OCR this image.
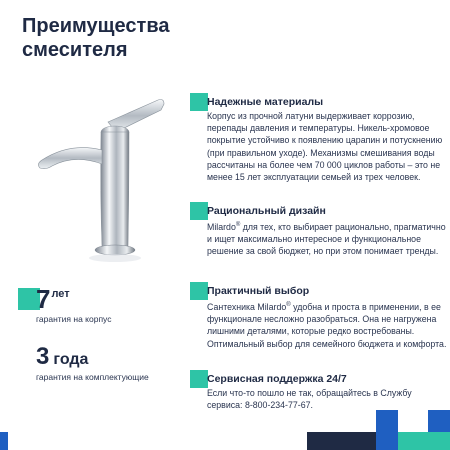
Преимущества
смесителя
$7^{лет}$
гарантия на корпус
3 года
гарантия на комплектующие
Надежные материалы
Корпус из прочной латуни выдерживает коррозию, перепады давления и температуры. Никель-хромовое покрытие устойчиво к появлению царапин и потускнению (при правильном уходе). Механизмы смешивания воды рассчитаны на более чем 70 000 циклов работы – это не менее 15 лет эксплуатации семьей из трех человек.
Рациональный дизайн
Milardo® для тех, кто выбирает рационально, прагматично и ищет максимально интересное и функциональное решение за свой бюджет, но при этом понимает тренды.
Практичный выбор
Сантехника Milardo® удобна и проста в применении, в ее функционале несложно разобраться. Она не нагружена лишними деталями, которые редко востребованы. Оптимальный выбор для семейного бюджета и комфорта.
Сервисная поддержка 24/7
Если что-то пошло не так, обращайтесь в Службу сервиса: 8-800-234-77-67.
